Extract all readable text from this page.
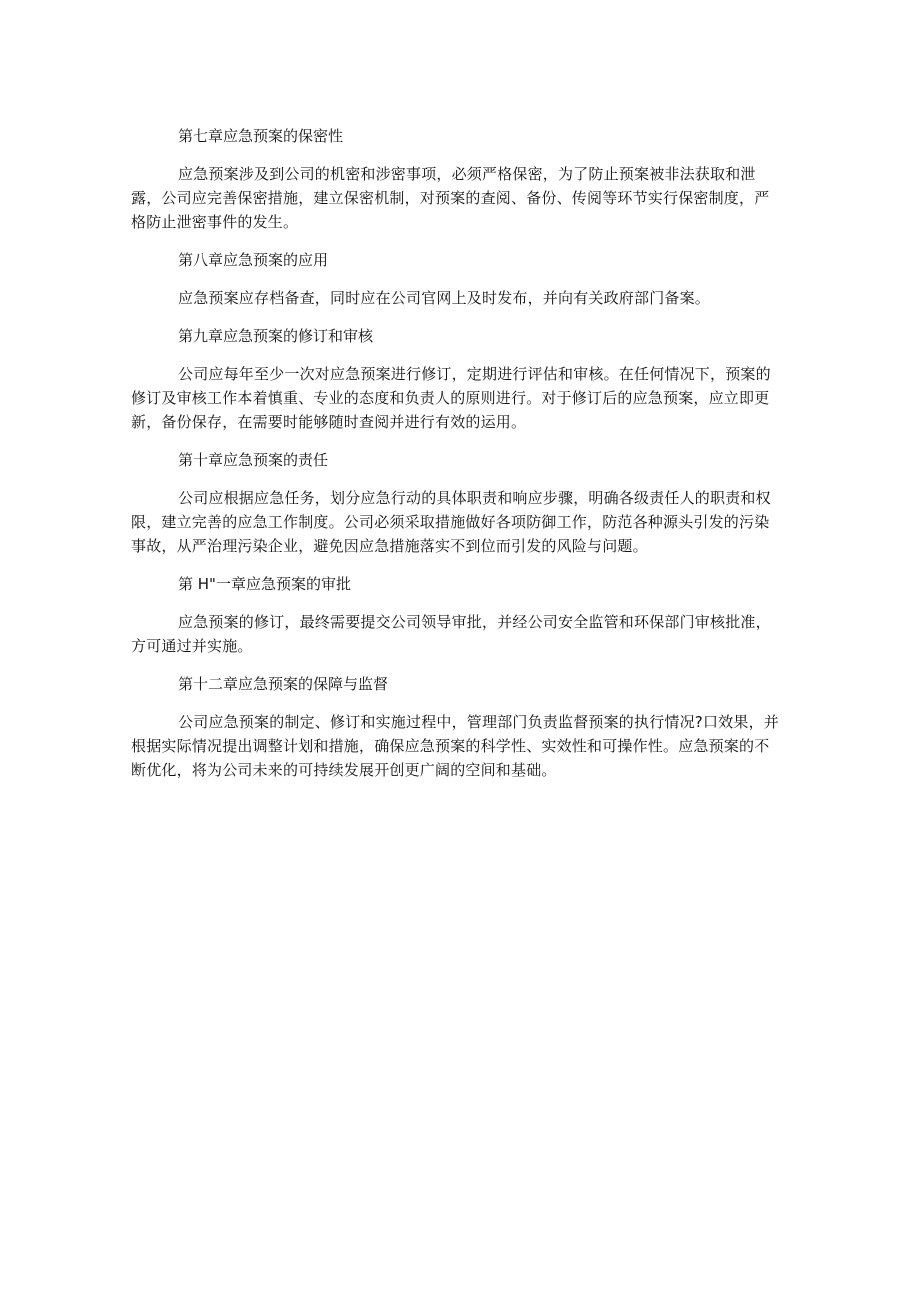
第七章应急预案的保密性

应急预案涉及到公司的机密和涉密事项，必须严格保密，为了防止预案被非法获取和泄
露，公司应完善保密措施，建立保密机制，对预案的查阅、备份、传阅等环节实行保密制度，严
格防止泄密事件的发生。

第八章应急预案的应用

应急预案应存档备查，同时应在公司官网上及时发布，并向有关政府部门备案。

第九章应急预案的修订和审核

公司应每年至少一次对应急预案进行修订，定期进行评估和审核。在任何情况下，预案的
修订及审核工作本着慎重、专业的态度和负责人的原则进行。对于修订后的应急预案，应立即更
新，备份保存，在需要时能够随时查阅并进行有效的运用。

第十章应急预案的责任

公司应根据应急任务，划分应急行动的具体职责和响应步骤，明确各级责任人的职责和权
限，建立完善的应急工作制度。公司必须采取措施做好各项防御工作，防范各种源头引发的污染
事故，从严治理污染企业，避免因应急措施落实不到位而引发的风险与问题。

第 H"一章应急预案的审批

应急预案的修订，最终需要提交公司领导审批，并经公司安全监管和环保部门审核批准，
方可通过并实施。

第十二章应急预案的保障与监督

公司应急预案的制定、修订和实施过程中，管理部门负责监督预案的执行情况?口效果，并
根据实际情况提出调整计划和措施，确保应急预案的科学性、实效性和可操作性。应急预案的不
断优化，将为公司未来的可持续发展开创更广阔的空间和基础。
